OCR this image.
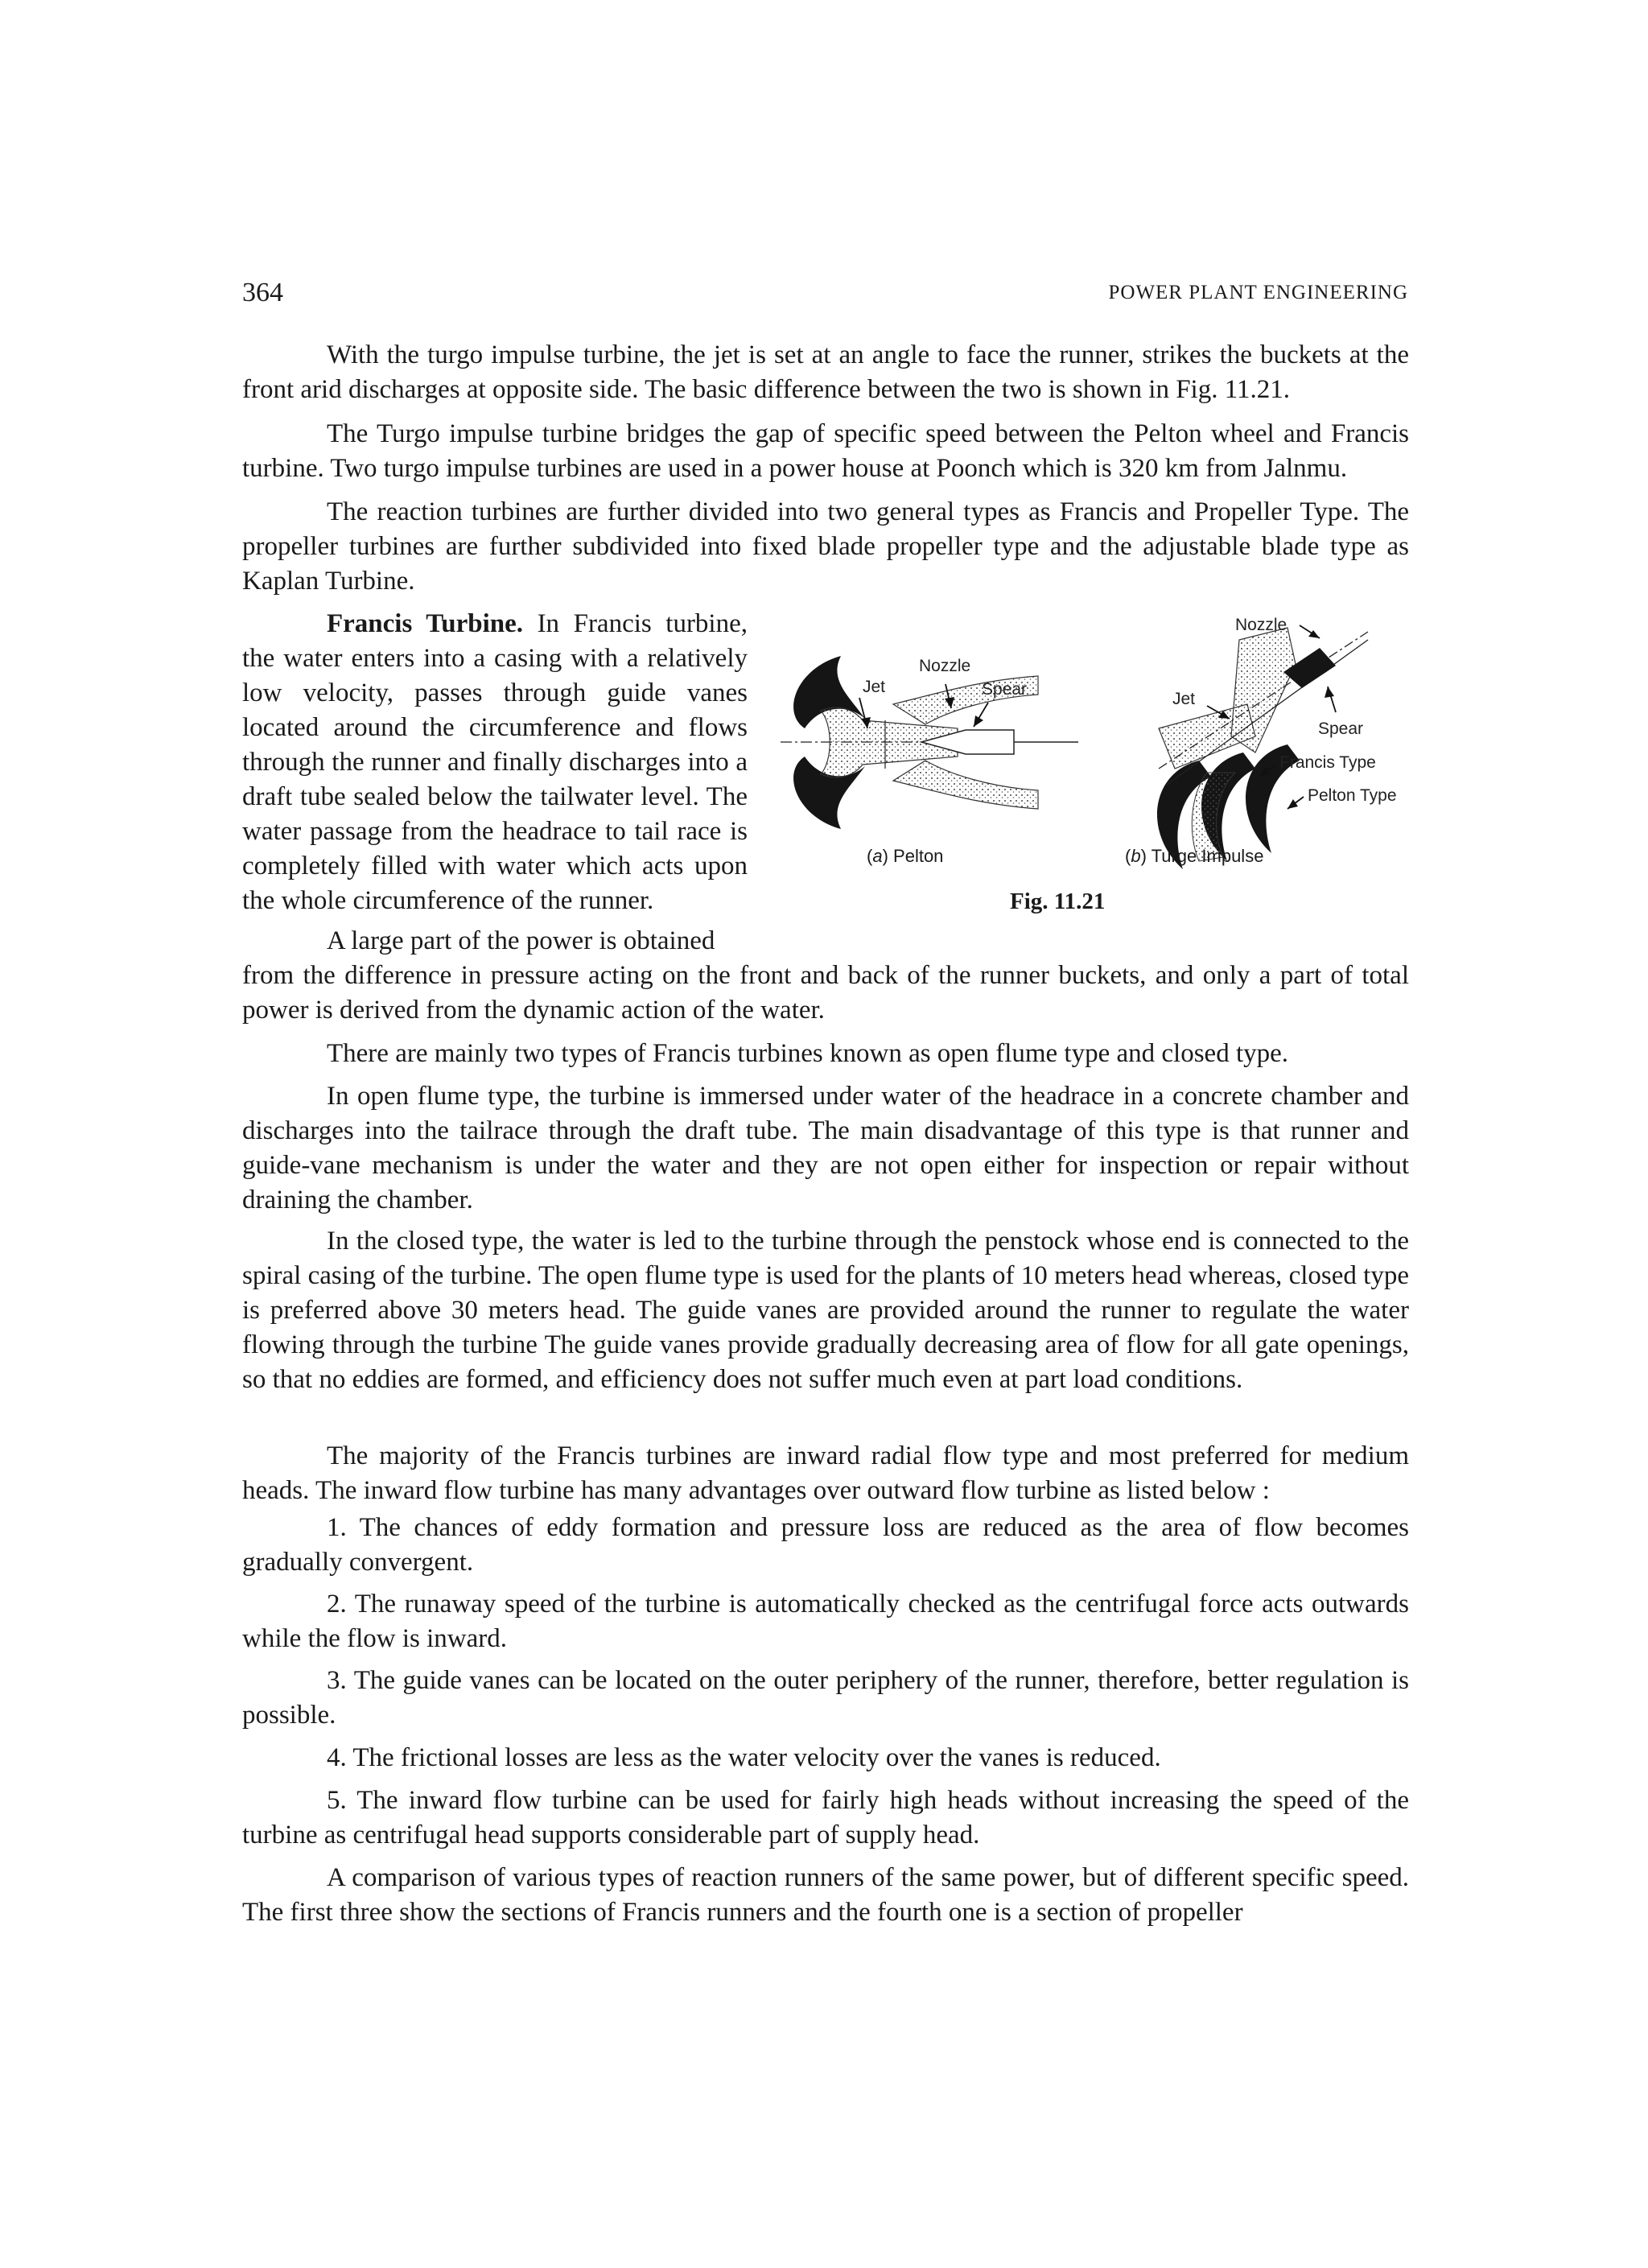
364	POWER PLANT ENGINEERING

With the turgo impulse turbine, the jet is set at an angle to face the runner, strikes the buckets at the front arid discharges at opposite side. The basic difference between the two is shown in Fig. 11.21.

The Turgo impulse turbine bridges the gap of specific speed between the Pelton wheel and Francis turbine. Two turgo impulse turbines are used in a power house at Poonch which is 320 km from Jalnmu.

The reaction turbines are further divided into two general types as Francis and Propeller Type. The propeller turbines are further subdivided into fixed blade propeller type and the adjustable blade type as Kaplan Turbine.

Francis Turbine. In Francis turbine, the water enters into a casing with a relatively low velocity, passes through guide vanes located around the circumference and flows through the runner and finally discharges into a draft tube sealed below the tailwater level. The water passage from the headrace to tail race is completely filled with water which acts upon the whole circumference of the runner.

A large part of the power is obtained

from the difference in pressure acting on the front and back of the runner buckets, and only a part of total power is derived from the dynamic action of the water.

There are mainly two types of Francis turbines known as open flume type and closed type.

In open flume type, the turbine is immersed under water of the headrace in a concrete chamber and discharges into the tailrace through the draft tube. The main disadvantage of this type is that runner and guide-vane mechanism is under the water and they are not open either for inspection or repair without draining the chamber.

In the closed type, the water is led to the turbine through the penstock whose end is connected to the spiral casing of the turbine. The open flume type is used for the plants of 10 meters head whereas, closed type is preferred above 30 meters head. The guide vanes are provided around the runner to regulate the water flowing through the turbine The guide vanes provide gradually decreasing area of flow for all gate openings, so that no eddies are formed, and efficiency does not suffer much even at part load conditions.

The majority of the Francis turbines are inward radial flow type and most preferred for medium heads. The inward flow turbine has many advantages over outward flow turbine as listed below :

1. The chances of eddy formation and pressure loss are reduced as the area of flow becomes gradually convergent.

2. The runaway speed of the turbine is automatically checked as the centrifugal force acts outwards while the flow is inward.

3. The guide vanes can be located on the outer periphery of the runner, therefore, better regulation is possible.

4. The frictional losses are less as the water velocity over the vanes is reduced.

5. The inward flow turbine can be used for fairly high heads without increasing the speed of the turbine as centrifugal head supports considerable part of supply head.

A comparison of various types of reaction runners of the same power, but of different specific speed. The first three show the sections of Francis runners and the fourth one is a section of propeller

Jet
Nozzle
Spear
Nozzle
Jet
Spear
Francis Type
Pelton Type
(a) Pelton	(b) Turge Impulse
Fig. 11.21
